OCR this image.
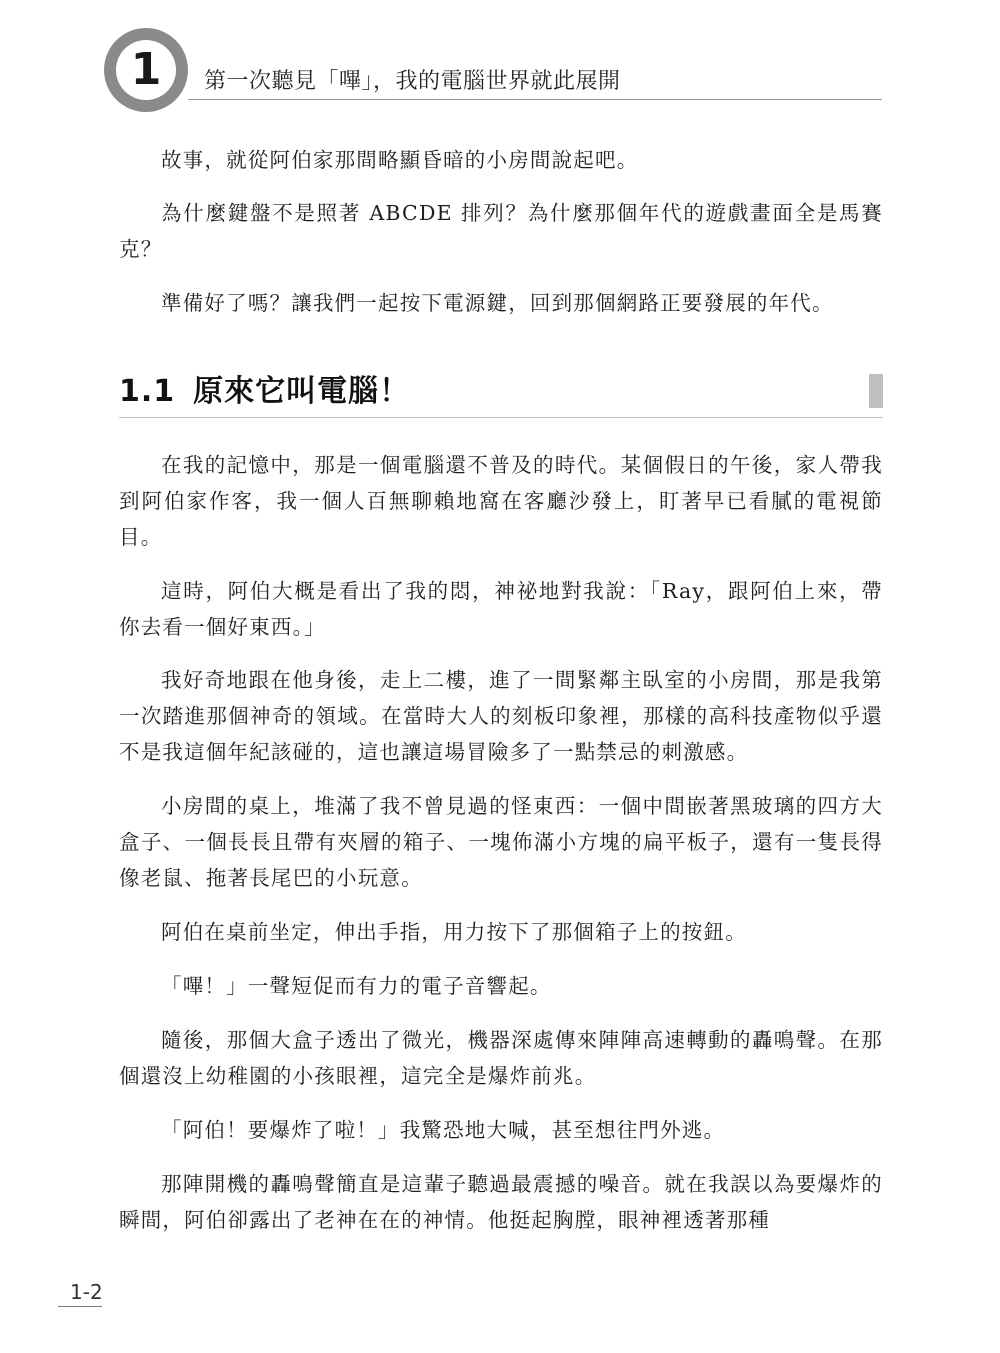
1 第一次聽見「嗶」，我的電腦世界就此展開

故事，就從阿伯家那間略顯昏暗的小房間說起吧。

為什麼鍵盤不是照著 ABCDE 排列？為什麼那個年代的遊戲畫面全是馬賽克？

準備好了嗎？讓我們一起按下電源鍵，回到那個網路正要發展的年代。

1.1 原來它叫電腦！

在我的記憶中，那是一個電腦還不普及的時代。某個假日的午後，家人帶我到阿伯家作客，我一個人百無聊賴地窩在客廳沙發上，盯著早已看膩的電視節目。

這時，阿伯大概是看出了我的悶，神祕地對我說：「Ray，跟阿伯上來，帶你去看一個好東西。」

我好奇地跟在他身後，走上二樓，進了一間緊鄰主臥室的小房間，那是我第一次踏進那個神奇的領域。在當時大人的刻板印象裡，那樣的高科技產物似乎還不是我這個年紀該碰的，這也讓這場冒險多了一點禁忌的刺激感。

小房間的桌上，堆滿了我不曾見過的怪東西：一個中間嵌著黑玻璃的四方大盒子、一個長長且帶有夾層的箱子、一塊佈滿小方塊的扁平板子，還有一隻長得像老鼠、拖著長尾巴的小玩意。

阿伯在桌前坐定，伸出手指，用力按下了那個箱子上的按鈕。

「嗶！」一聲短促而有力的電子音響起。

隨後，那個大盒子透出了微光，機器深處傳來陣陣高速轉動的轟鳴聲。在那個還沒上幼稚園的小孩眼裡，這完全是爆炸前兆。

「阿伯！要爆炸了啦！」我驚恐地大喊，甚至想往門外逃。

那陣開機的轟鳴聲簡直是這輩子聽過最震撼的噪音。就在我誤以為要爆炸的瞬間，阿伯卻露出了老神在在的神情。他挺起胸膛，眼神裡透著那種

1-2
